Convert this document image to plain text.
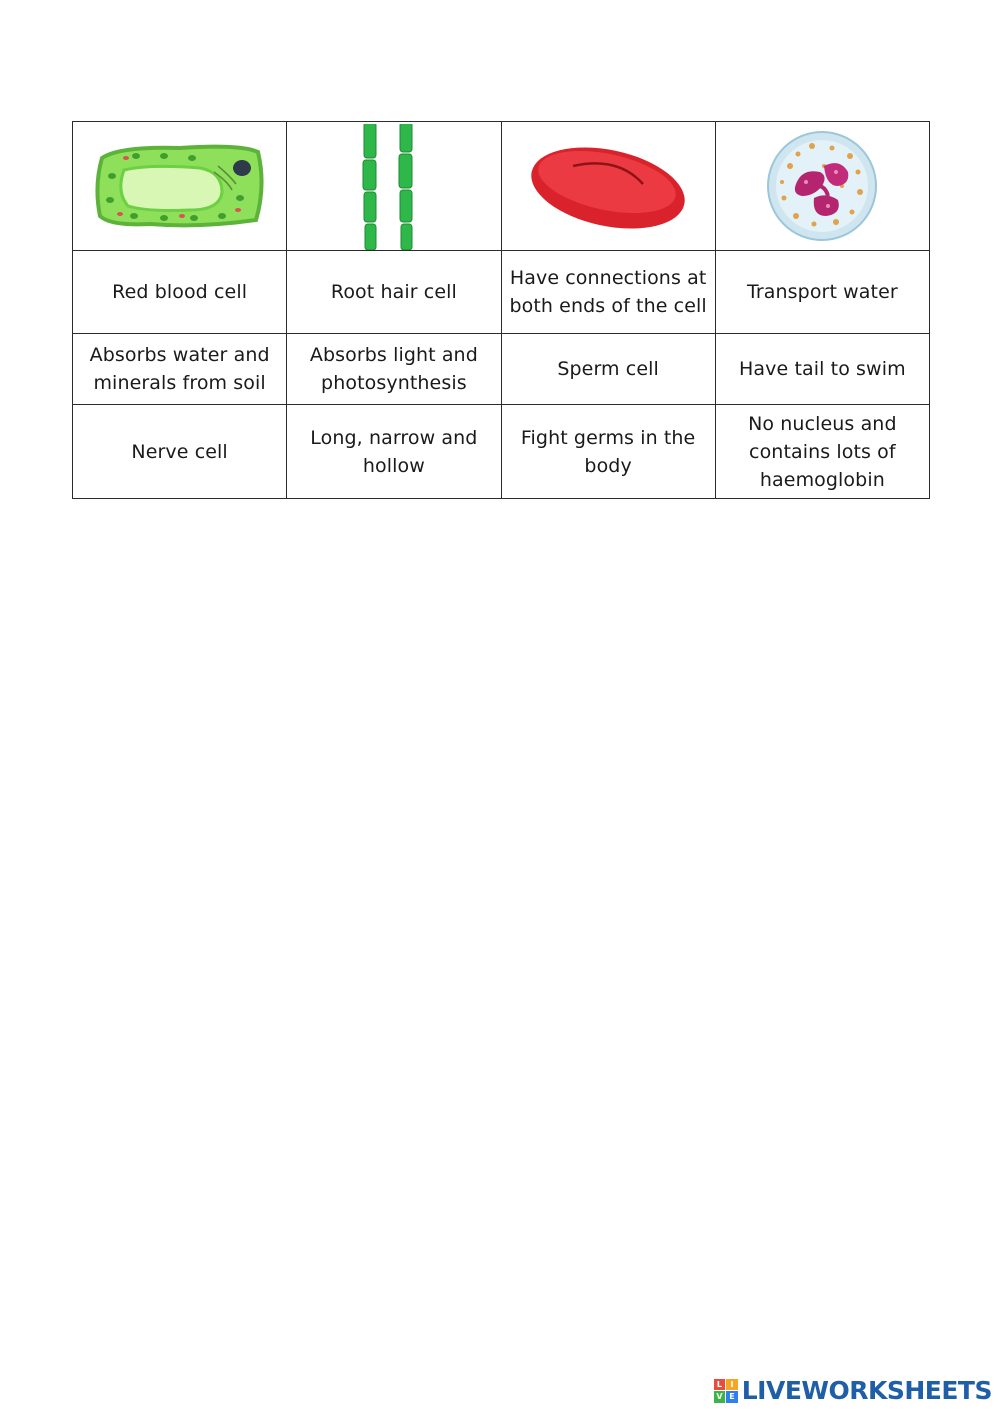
Red blood cell	Root hair cell	Have connections at both ends of the cell	Transport water
Absorbs water and minerals from soil	Absorbs light and photosynthesis	Sperm cell	Have tail to swim
Nerve cell	Long, narrow and hollow	Fight germs in the body	No nucleus and contains lots of haemoglobin
L	I
V E LIVEWORKSHEETS
